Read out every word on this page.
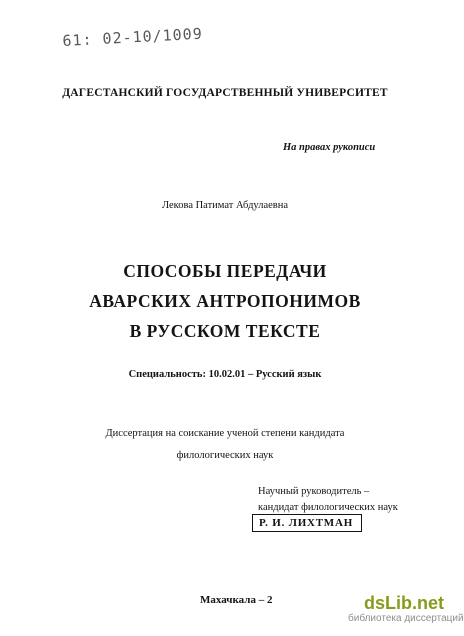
61: 02-10/1009
ДАГЕСТАНСКИЙ ГОСУДАРСТВЕННЫЙ УНИВЕРСИТЕТ
На правах рукописи
Лекова Патимат Абдулаевна
СПОСОБЫ ПЕРЕДАЧИ
АВАРСКИХ АНТРОПОНИМОВ
В РУССКОМ ТЕКСТЕ
Специальность: 10.02.01 – Русский язык
Диссертация на соискание ученой степени кандидата
филологических наук
Научный руководитель –
кандидат филологических наук
Р. И. ЛИХТМАН
Махачкала – 2	dsLib.net
библиотека диссертаций
